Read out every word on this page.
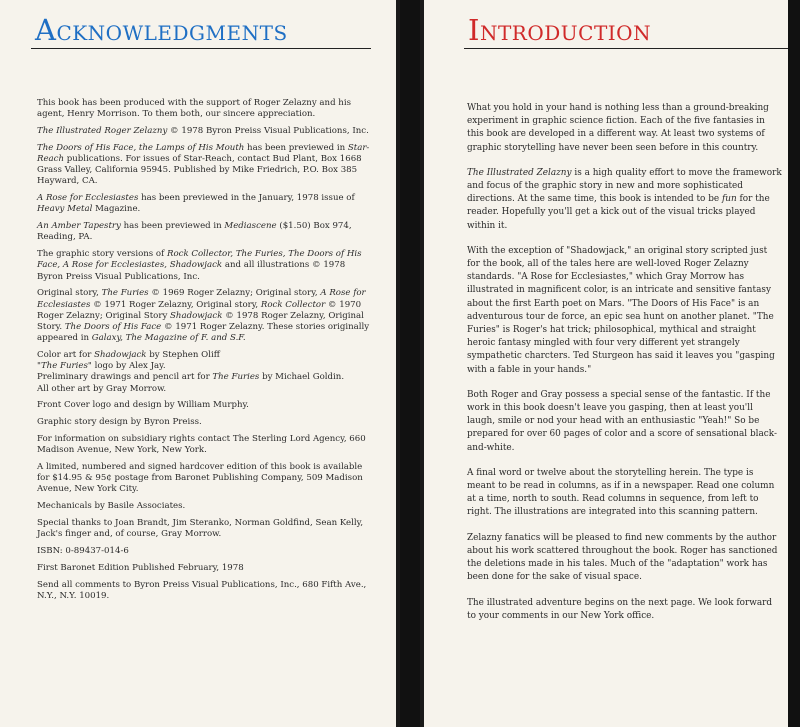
Acknowledgments

This book has been produced with the support of Roger Zelazny and his agent, Henry Morrison. To them both, our sincere appreciation.

The Illustrated Roger Zelazny © 1978 Byron Preiss Visual Publications, Inc.

The Doors of His Face, the Lamps of His Mouth has been previewed in Star-Reach publications. For issues of Star-Reach, contact Bud Plant, Box 1668 Grass Valley, California 95945. Published by Mike Friedrich, P.O. Box 385 Hayward, CA.

A Rose for Ecclesiastes has been previewed in the January, 1978 issue of Heavy Metal Magazine.

An Amber Tapestry has been previewed in Mediascene ($1.50) Box 974, Reading, PA.

The graphic story versions of Rock Collector, The Furies, The Doors of His Face, A Rose for Ecclesiastes, Shadowjack and all illustrations © 1978 Byron Preiss Visual Publications, Inc.

Original story, The Furies © 1969 Roger Zelazny; Original story, A Rose for Ecclesiastes © 1971 Roger Zelazny, Original story, Rock Collector © 1970 Roger Zelazny; Original Story Shadowjack © 1978 Roger Zelazny, Original Story. The Doors of His Face © 1971 Roger Zelazny. These stories originally appeared in Galaxy, The Magazine of F. and S.F.

Color art for Shadowjack by Stephen Oliff
"The Furies" logo by Alex Jay.
Preliminary drawings and pencil art for The Furies by Michael Goldin.
All other art by Gray Morrow.

Front Cover logo and design by William Murphy.

Graphic story design by Byron Preiss.

For information on subsidiary rights contact The Sterling Lord Agency, 660 Madison Avenue, New York, New York.

A limited, numbered and signed hardcover edition of this book is available for $14.95 & 95¢ postage from Baronet Publishing Company, 509 Madison Avenue, New York City.

Mechanicals by Basile Associates.

Special thanks to Joan Brandt, Jim Steranko, Norman Goldfind, Sean Kelly, Jack's finger and, of course, Gray Morrow.

ISBN: 0-89437-014-6

First Baronet Edition Published February, 1978

Send all comments to Byron Preiss Visual Publications, Inc., 680 Fifth Ave., N.Y., N.Y. 10019.

Introduction

What you hold in your hand is nothing less than a ground-breaking experiment in graphic science fiction. Each of the five fantasies in this book are developed in a different way. At least two systems of graphic storytelling have never been seen before in this country.

The Illustrated Zelazny is a high quality effort to move the framework and focus of the graphic story in new and more sophisticated directions. At the same time, this book is intended to be fun for the reader. Hopefully you'll get a kick out of the visual tricks played within it.

With the exception of "Shadowjack," an original story scripted just for the book, all of the tales here are well-loved Roger Zelazny standards. "A Rose for Ecclesiastes," which Gray Morrow has illustrated in magnificent color, is an intricate and sensitive fantasy about the first Earth poet on Mars. "The Doors of His Face" is an adventurous tour de force, an epic sea hunt on another planet. "The Furies" is Roger's hat trick; philosophical, mythical and straight heroic fantasy mingled with four very different yet strangely sympathetic charcters. Ted Sturgeon has said it leaves you "gasping with a fable in your hands."

Both Roger and Gray possess a special sense of the fantastic. If the work in this book doesn't leave you gasping, then at least you'll laugh, smile or nod your head with an enthusiastic "Yeah!" So be prepared for over 60 pages of color and a score of sensational black-and-white.

A final word or twelve about the storytelling herein. The type is meant to be read in columns, as if in a newspaper. Read one column at a time, north to south. Read columns in sequence, from left to right. The illustrations are integrated into this scanning pattern.

Zelazny fanatics will be pleased to find new comments by the author about his work scattered throughout the book. Roger has sanctioned the deletions made in his tales. Much of the "adaptation" work has been done for the sake of visual space.

The illustrated adventure begins on the next page. We look forward to your comments in our New York office.
